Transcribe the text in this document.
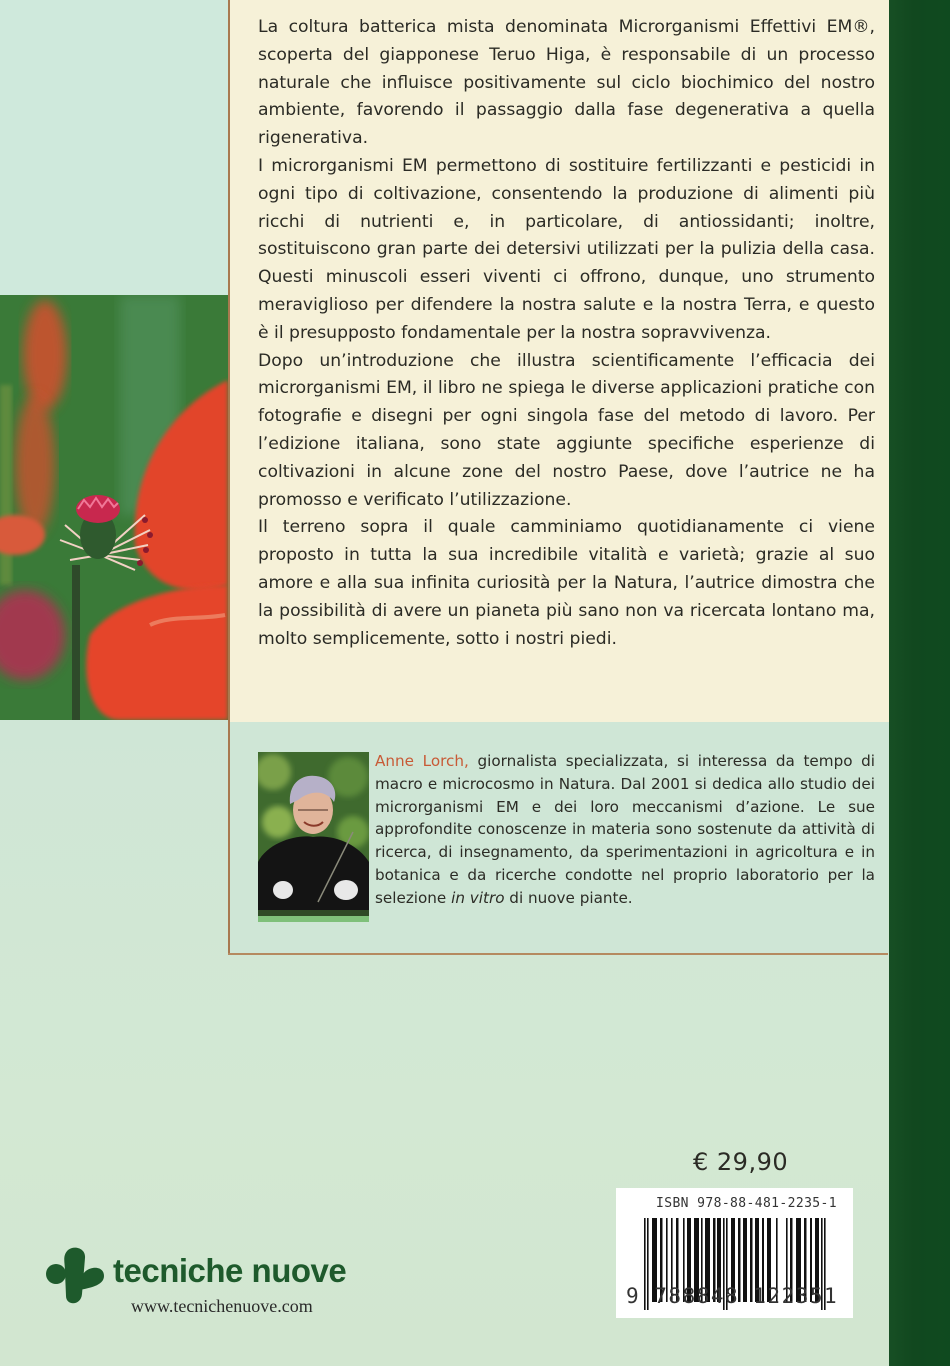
La coltura batterica mista denominata Microrganismi Effettivi EM®, scoperta del giapponese Teruo Higa, è responsabile di un processo naturale che influisce positivamente sul ciclo biochimico del nostro ambiente, favorendo il passaggio dalla fase degenerativa a quella rigenerativa.

I microrganismi EM permettono di sostituire fertilizzanti e pesticidi in ogni tipo di coltivazione, consentendo la produzione di alimenti più ricchi di nutrienti e, in particolare, di antiossidanti; inoltre, sostituiscono gran parte dei detersivi utilizzati per la pulizia della casa. Questi minuscoli esseri viventi ci offrono, dunque, uno strumento meraviglioso per difendere la nostra salute e la nostra Terra, e questo è il presupposto fondamentale per la nostra sopravvivenza.

Dopo un’introduzione che illustra scientificamente l’efficacia dei microrganismi EM, il libro ne spiega le diverse applicazioni pratiche con fotografie e disegni per ogni singola fase del metodo di lavoro. Per l’edizione italiana, sono state aggiunte specifiche esperienze di coltivazioni in alcune zone del nostro Paese, dove l’autrice ne ha promosso e verificato l’utilizzazione.

Il terreno sopra il quale camminiamo quotidianamente ci viene proposto in tutta la sua incredibile vitalità e varietà; grazie al suo amore e alla sua infinita curiosità per la Natura, l’autrice dimostra che la possibilità di avere un pianeta più sano non va ricercata lontano ma, molto semplicemente, sotto i nostri piedi.

Anne Lorch, giornalista specializzata, si interessa da tempo di macro e microcosmo in Natura. Dal 2001 si dedica allo studio dei microrganismi EM e dei loro meccanismi d’azione. Le sue approfondite conoscenze in materia sono sostenute da attività di ricerca, di insegnamento, da sperimentazioni in agricoltura e in botanica e da ricerche condotte nel proprio laboratorio per la selezione in vitro di nuove piante.
€ 29,90
ISBN 978-88-481-2235-1
9 788848 122351
tecniche nuove
www.tecnichenuove.com
